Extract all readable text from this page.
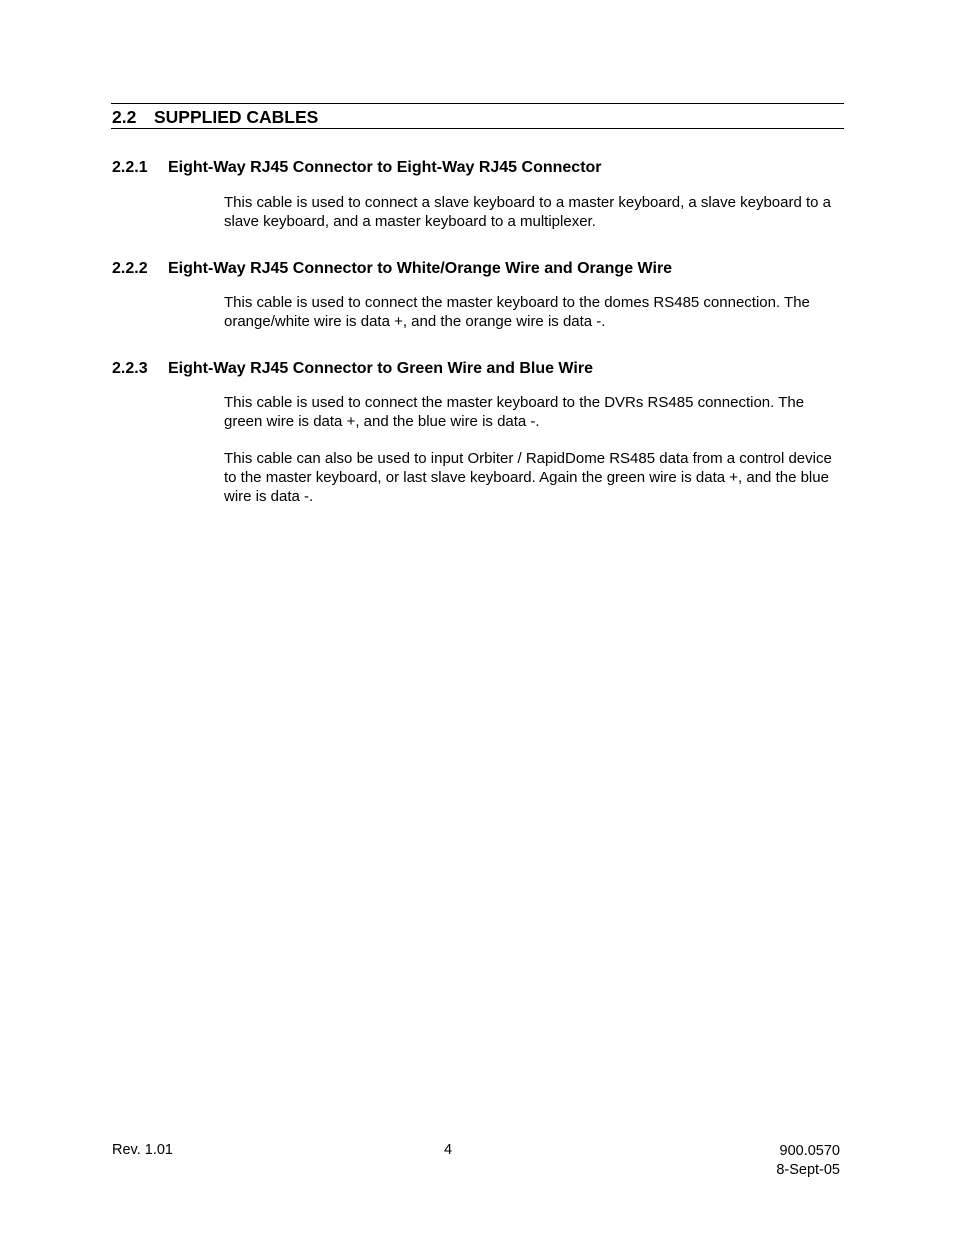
2.2 SUPPLIED CABLES
2.2.1 Eight-Way RJ45 Connector to Eight-Way RJ45 Connector
This cable is used to connect a slave keyboard to a master keyboard, a slave keyboard to a slave keyboard, and a master keyboard to a multiplexer.
2.2.2 Eight-Way RJ45 Connector to White/Orange Wire and Orange Wire
This cable is used to connect the master keyboard to the domes RS485 connection. The orange/white wire is data +, and the orange wire is data -.
2.2.3 Eight-Way RJ45 Connector to Green Wire and Blue Wire
This cable is used to connect the master keyboard to the DVRs RS485 connection. The green wire is data +, and the blue wire is data -.
This cable can also be used to input Orbiter / RapidDome RS485 data from a control device to the master keyboard, or last slave keyboard. Again the green wire is data +, and the blue wire is data -.
Rev. 1.01	4	900.0570
8-Sept-05
